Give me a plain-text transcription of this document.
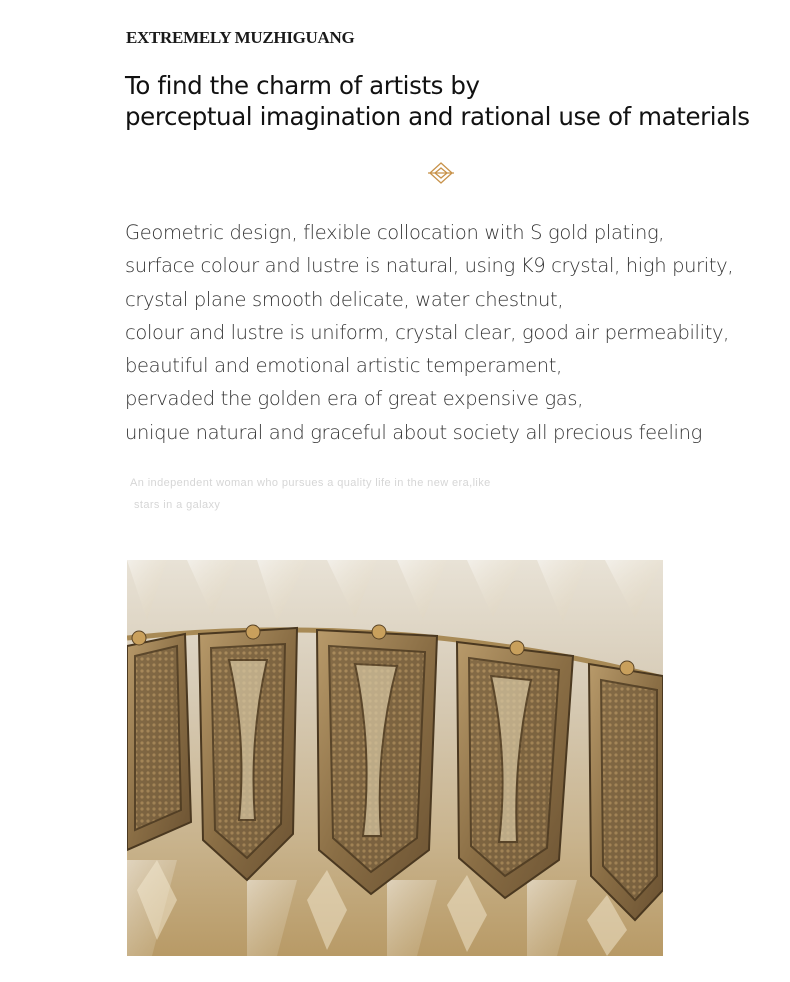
EXTREMELY MUZHIGUANG
To find the charm of artists by
perceptual imagination and rational use of materials
Geometric design, flexible collocation with S gold plating,
surface colour and lustre is natural, using K9 crystal, high purity,
crystal plane smooth delicate, water chestnut,
colour and lustre is uniform, crystal clear, good air permeability,
beautiful and emotional artistic temperament,
pervaded the golden era of great expensive gas,
unique natural and graceful about society all precious feeling
An independent woman who pursues a quality life in the new era,like
stars in a galaxy
